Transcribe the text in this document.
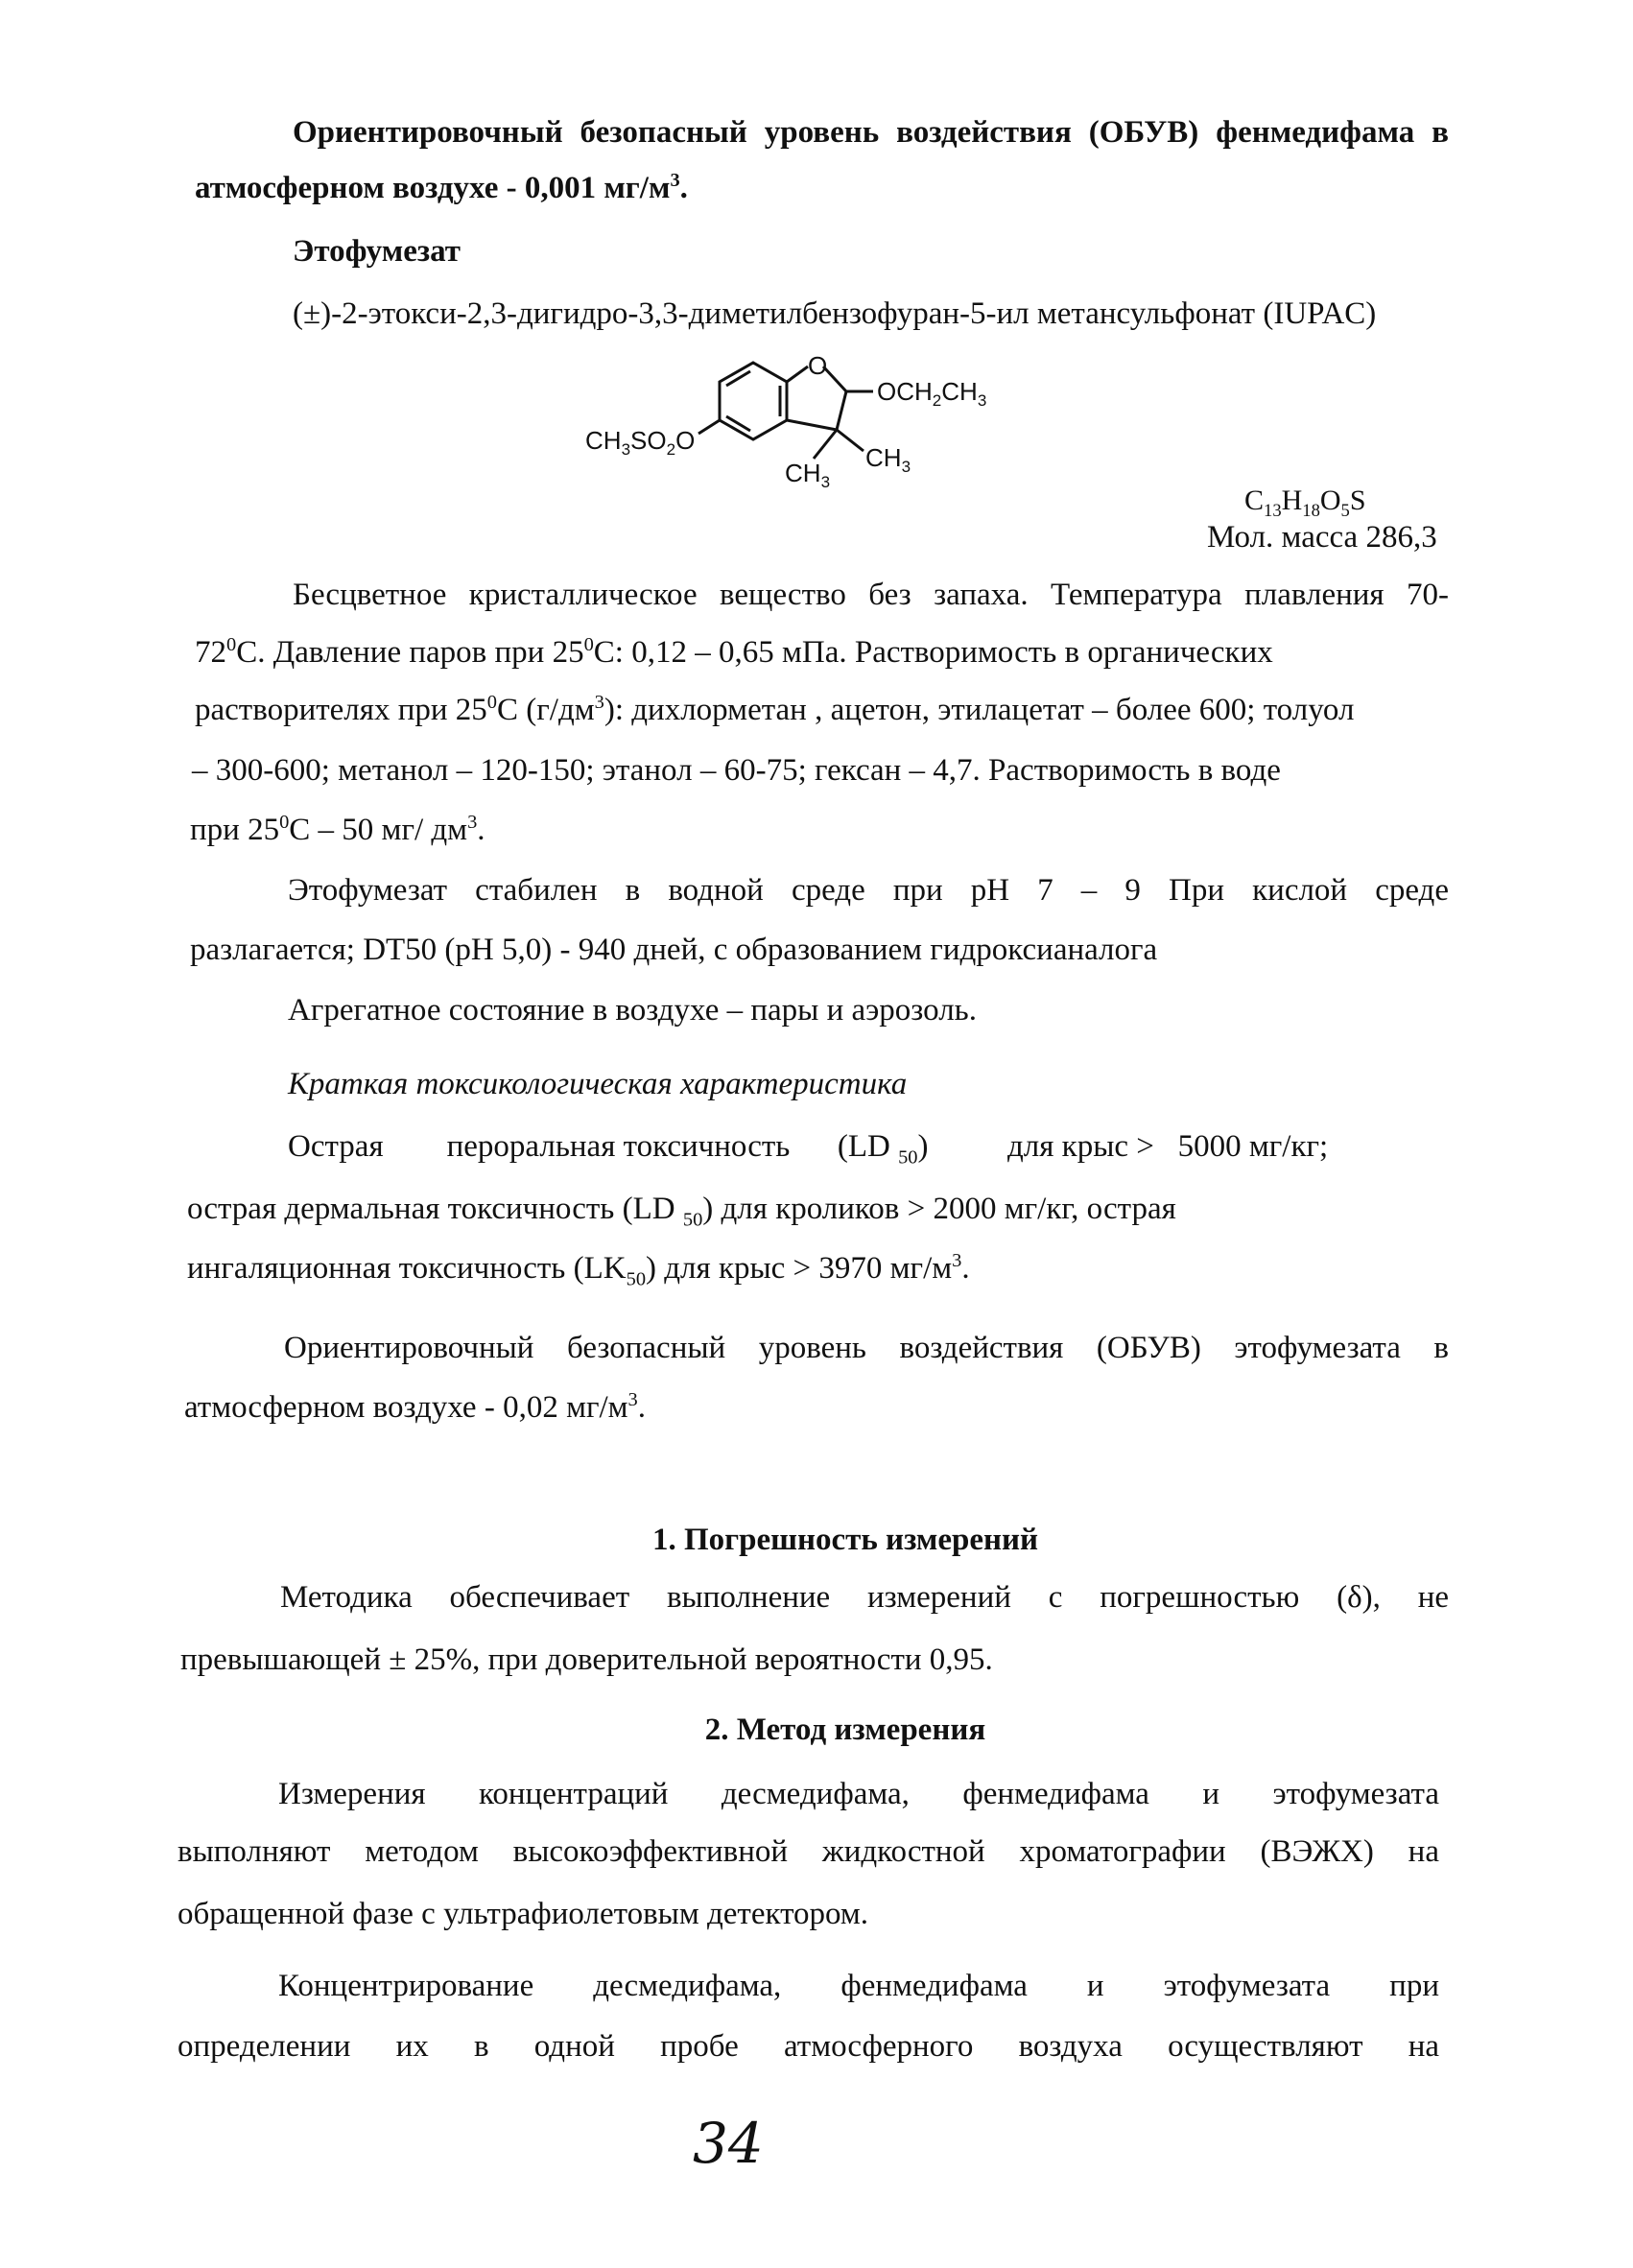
Ориентировочный безопасный уровень воздействия (ОБУВ) фенмедифама в
атмосферном воздухе - 0,001 $мг/м^3$.
Этофумезат
(±)-2-этокси-2,3-дигидро-3,3-диметилбензофуран-5-ил метансульфонат (IUPAC)
O
$OCH_2CH_3$
$CH_3SO_2O$
$CH_3$
$CH_3$
$C_{13}H_{18}O_5S$
Мол. масса 286,3
Бесцветное кристаллическое вещество без запаха. Температура плавления 70-
$72^0С$. Давление паров при $25^0С$: 0,12 – 0,65 мПа. Растворимость в органических
растворителях при $25^0С$ $(г/дм^3)$: дихлорметан , ацетон, этилацетат – более 600; толуол
– 300-600; метанол – 120-150; этанол – 60-75; гексан – 4,7. Растворимость в воде
при $25^0С - 50$ мг/ $дм^3$.
Этофумезат стабилен в водной среде при pH 7 – 9 При кислой среде
разлагается; DT50 (pH 5,0) - 940 дней, с образованием гидроксианалога
Агрегатное состояние в воздухе – пары и аэрозоль.
Краткая токсикологическая характеристика
Острая        пероральная токсичность      (LD $_{50}$)          для крыс >   5000 мг/кг;
острая дермальная токсичность (LD $_{50}$) для кроликов > 2000 мг/кг, острая
ингаляционная токсичность $(LK_{50})$ для крыс > 3970 $мг/м^3$.
Ориентировочный безопасный уровень воздействия (ОБУВ) этофумезата в
атмосферном воздухе - 0,02 $мг/м^3$.
1. Погрешность измерений
Методика обеспечивает выполнение измерений с погрешностью (δ), не
превышающей ± 25%, при доверительной вероятности 0,95.
2. Метод измерения
Измерения концентраций десмедифама, фенмедифама и этофумезата
выполняют методом высокоэффективной жидкостной хроматографии (ВЭЖХ) на
обращенной фазе с ультрафиолетовым детектором.
Концентрирование десмедифама, фенмедифама и этофумезата при
определении их в одной пробе атмосферного воздуха осуществляют на
34
